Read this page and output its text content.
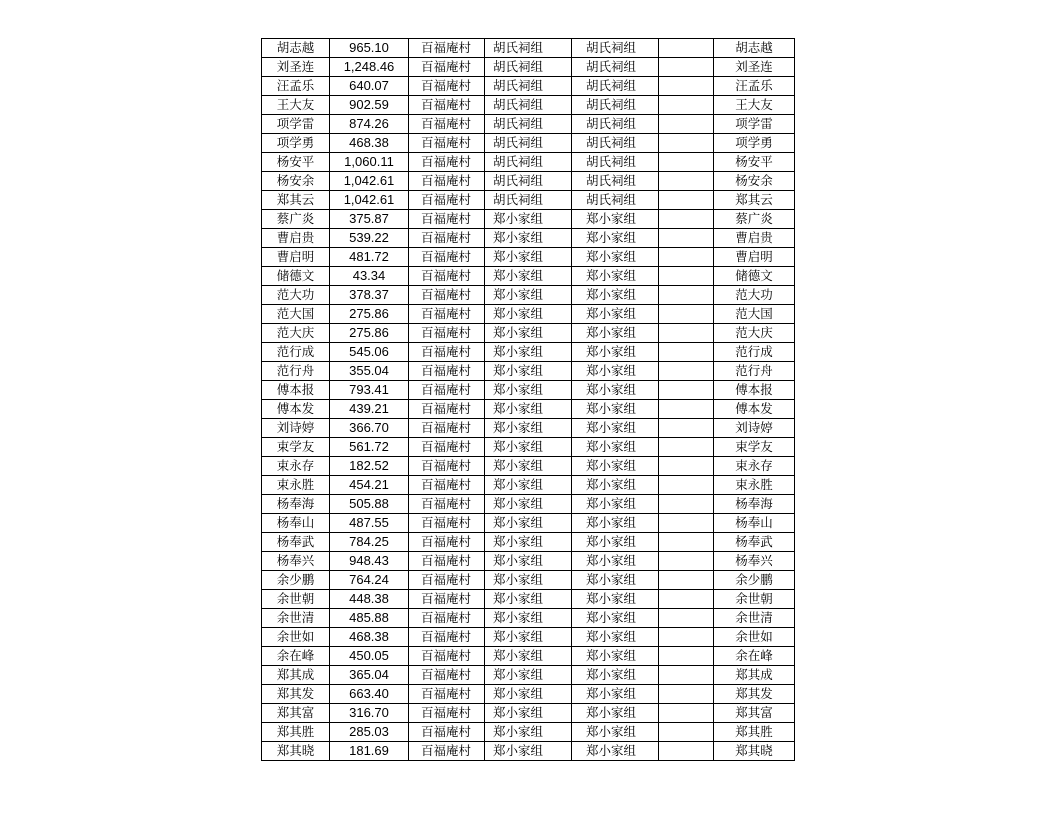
胡志越	965.10	百福庵村	胡氏祠组	胡氏祠组		胡志越
刘圣连	1,248.46	百福庵村	胡氏祠组	胡氏祠组		刘圣连
汪孟乐	640.07	百福庵村	胡氏祠组	胡氏祠组		汪孟乐
王大友	902.59	百福庵村	胡氏祠组	胡氏祠组		王大友
项学雷	874.26	百福庵村	胡氏祠组	胡氏祠组		项学雷
项学勇	468.38	百福庵村	胡氏祠组	胡氏祠组		项学勇
杨安平	1,060.11	百福庵村	胡氏祠组	胡氏祠组		杨安平
杨安余	1,042.61	百福庵村	胡氏祠组	胡氏祠组		杨安余
郑其云	1,042.61	百福庵村	胡氏祠组	胡氏祠组		郑其云
蔡广炎	375.87	百福庵村	郑小家组	郑小家组		蔡广炎
曹启贵	539.22	百福庵村	郑小家组	郑小家组		曹启贵
曹启明	481.72	百福庵村	郑小家组	郑小家组		曹启明
储德文	43.34	百福庵村	郑小家组	郑小家组		储德文
范大功	378.37	百福庵村	郑小家组	郑小家组		范大功
范大国	275.86	百福庵村	郑小家组	郑小家组		范大国
范大庆	275.86	百福庵村	郑小家组	郑小家组		范大庆
范行成	545.06	百福庵村	郑小家组	郑小家组		范行成
范行舟	355.04	百福庵村	郑小家组	郑小家组		范行舟
傅本报	793.41	百福庵村	郑小家组	郑小家组		傅本报
傅本发	439.21	百福庵村	郑小家组	郑小家组		傅本发
刘诗婷	366.70	百福庵村	郑小家组	郑小家组		刘诗婷
束学友	561.72	百福庵村	郑小家组	郑小家组		束学友
束永存	182.52	百福庵村	郑小家组	郑小家组		束永存
束永胜	454.21	百福庵村	郑小家组	郑小家组		束永胜
杨奉海	505.88	百福庵村	郑小家组	郑小家组		杨奉海
杨奉山	487.55	百福庵村	郑小家组	郑小家组		杨奉山
杨奉武	784.25	百福庵村	郑小家组	郑小家组		杨奉武
杨奉兴	948.43	百福庵村	郑小家组	郑小家组		杨奉兴
余少鹏	764.24	百福庵村	郑小家组	郑小家组		余少鹏
余世朝	448.38	百福庵村	郑小家组	郑小家组		余世朝
余世清	485.88	百福庵村	郑小家组	郑小家组		余世清
余世如	468.38	百福庵村	郑小家组	郑小家组		余世如
余在峰	450.05	百福庵村	郑小家组	郑小家组		余在峰
郑其成	365.04	百福庵村	郑小家组	郑小家组		郑其成
郑其发	663.40	百福庵村	郑小家组	郑小家组		郑其发
郑其富	316.70	百福庵村	郑小家组	郑小家组		郑其富
郑其胜	285.03	百福庵村	郑小家组	郑小家组		郑其胜
郑其晓	181.69	百福庵村	郑小家组	郑小家组		郑其晓
